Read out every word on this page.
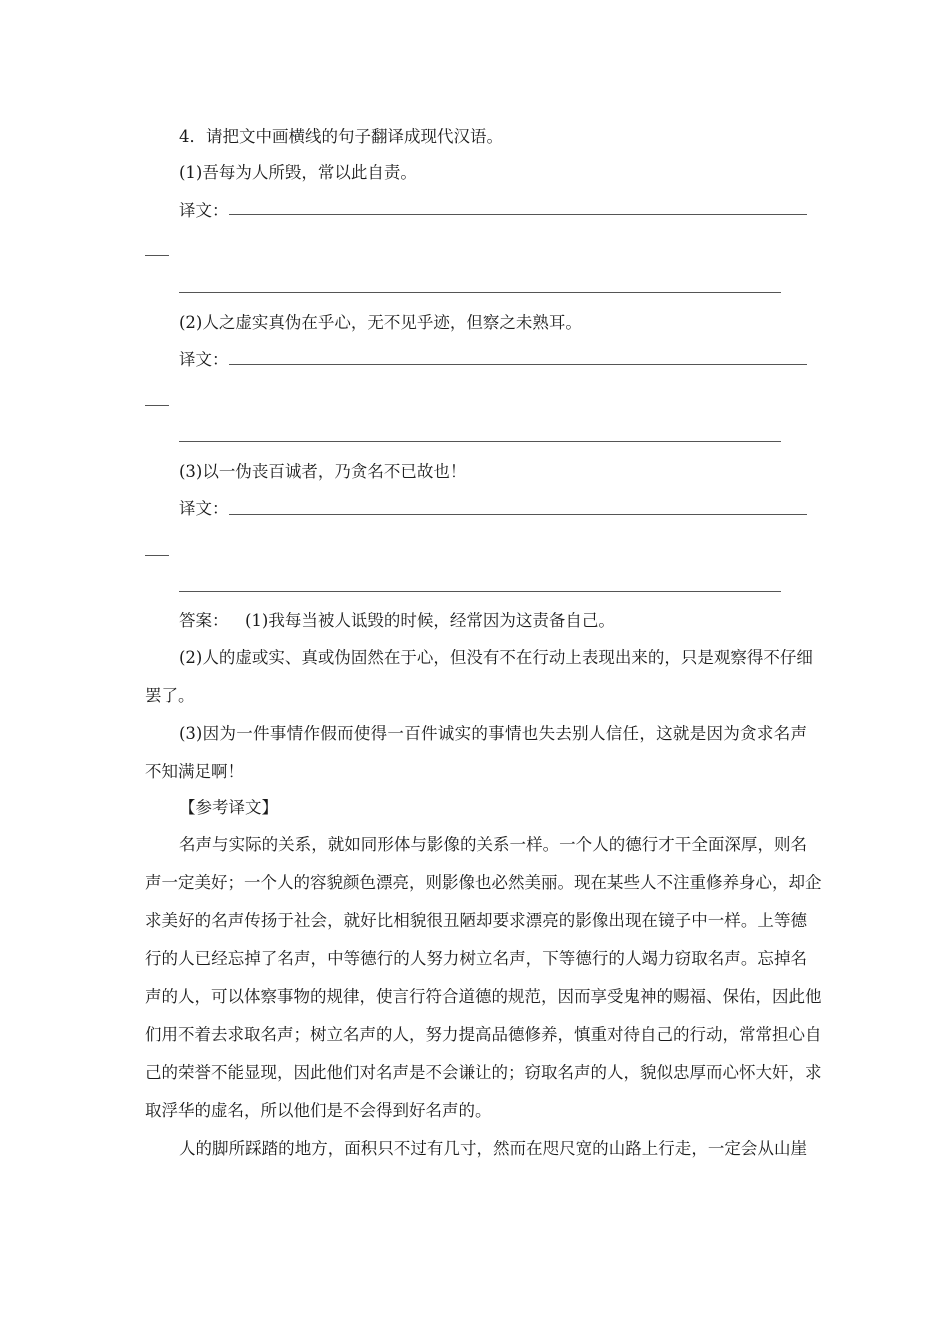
4．请把文中画横线的句子翻译成现代汉语。
(1)吾每为人所毁，常以此自责。
译文：
(2)人之虚实真伪在乎心，无不见乎迹，但察之未熟耳。
译文：
(3)以一伪丧百诚者，乃贪名不已故也！
译文：
答案： (1)我每当被人诋毁的时候，经常因为这责备自己。
(2)人的虚或实、真或伪固然在于心，但没有不在行动上表现出来的，只是观察得不仔细
罢了。
(3)因为一件事情作假而使得一百件诚实的事情也失去别人信任，这就是因为贪求名声
不知满足啊！
【参考译文】
名声与实际的关系，就如同形体与影像的关系一样。一个人的德行才干全面深厚，则名
声一定美好；一个人的容貌颜色漂亮，则影像也必然美丽。现在某些人不注重修养身心，却企
求美好的名声传扬于社会，就好比相貌很丑陋却要求漂亮的影像出现在镜子中一样。上等德
行的人已经忘掉了名声，中等德行的人努力树立名声，下等德行的人竭力窃取名声。忘掉名
声的人，可以体察事物的规律，使言行符合道德的规范，因而享受鬼神的赐福、保佑，因此他
们用不着去求取名声；树立名声的人，努力提高品德修养，慎重对待自己的行动，常常担心自
己的荣誉不能显现，因此他们对名声是不会谦让的；窃取名声的人，貌似忠厚而心怀大奸，求
取浮华的虚名，所以他们是不会得到好名声的。
人的脚所踩踏的地方，面积只不过有几寸，然而在咫尺宽的山路上行走，一定会从山崖
